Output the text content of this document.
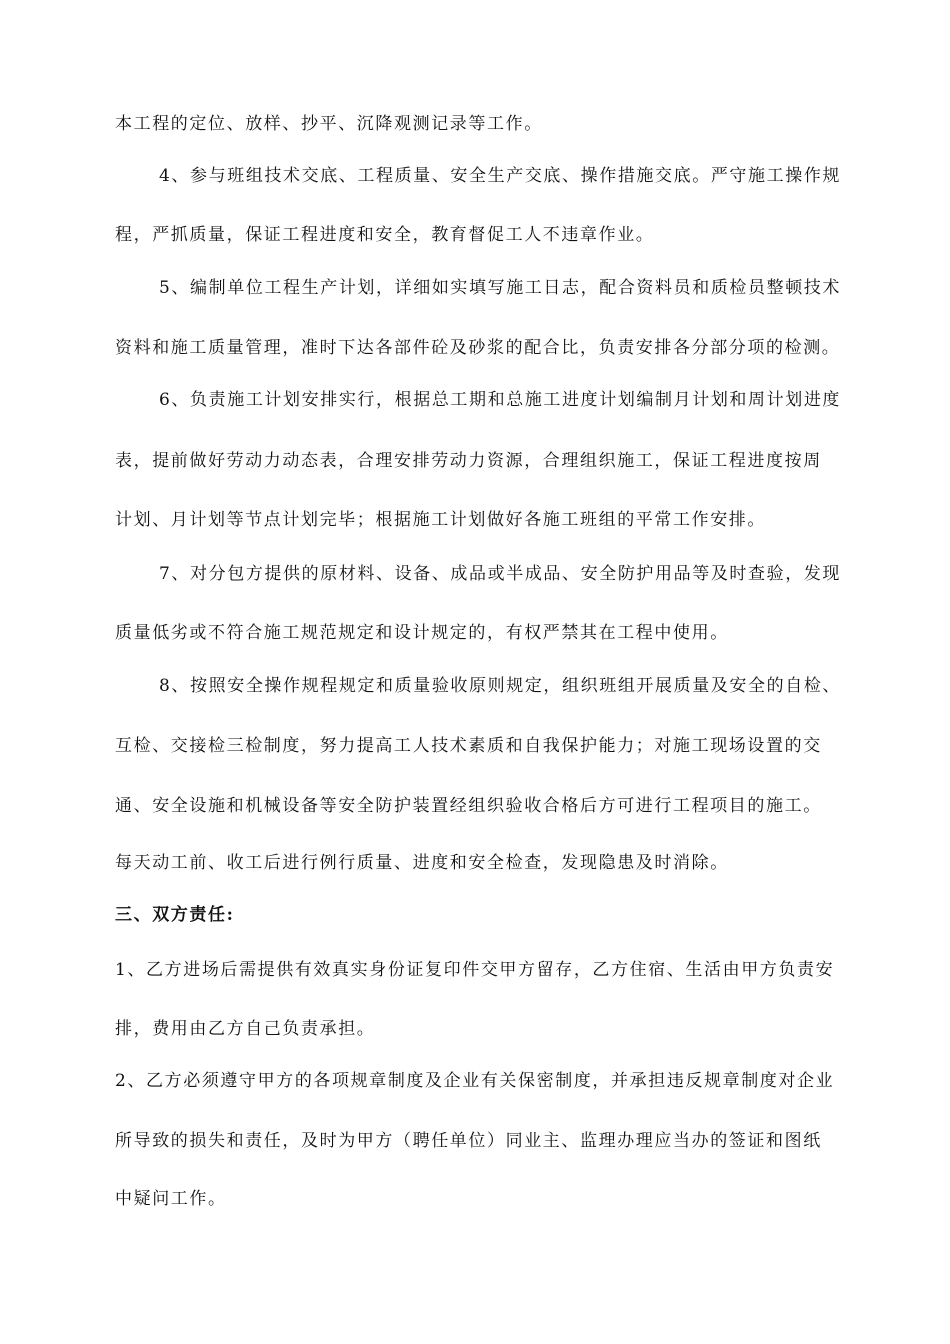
本工程的定位、放样、抄平、沉降观测记录等工作。
4、参与班组技术交底、工程质量、安全生产交底、操作措施交底。严守施工操作规
程，严抓质量，保证工程进度和安全，教育督促工人不违章作业。
5、编制单位工程生产计划，详细如实填写施工日志，配合资料员和质检员整顿技术
资料和施工质量管理，准时下达各部件砼及砂浆的配合比，负责安排各分部分项的检测。
6、负责施工计划安排实行，根据总工期和总施工进度计划编制月计划和周计划进度
表，提前做好劳动力动态表，合理安排劳动力资源，合理组织施工，保证工程进度按周
计划、月计划等节点计划完毕；根据施工计划做好各施工班组的平常工作安排。
7、对分包方提供的原材料、设备、成品或半成品、安全防护用品等及时查验，发现
质量低劣或不符合施工规范规定和设计规定的，有权严禁其在工程中使用。
8、按照安全操作规程规定和质量验收原则规定，组织班组开展质量及安全的自检、
互检、交接检三检制度，努力提高工人技术素质和自我保护能力；对施工现场设置的交
通、安全设施和机械设备等安全防护装置经组织验收合格后方可进行工程项目的施工。
每天动工前、收工后进行例行质量、进度和安全检查，发现隐患及时消除。
三、双方责任:
1、乙方进场后需提供有效真实身份证复印件交甲方留存，乙方住宿、生活由甲方负责安
排，费用由乙方自己负责承担。
2、乙方必须遵守甲方的各项规章制度及企业有关保密制度，并承担违反规章制度对企业
所导致的损失和责任，及时为甲方（聘任单位）同业主、监理办理应当办的签证和图纸
中疑问工作。
